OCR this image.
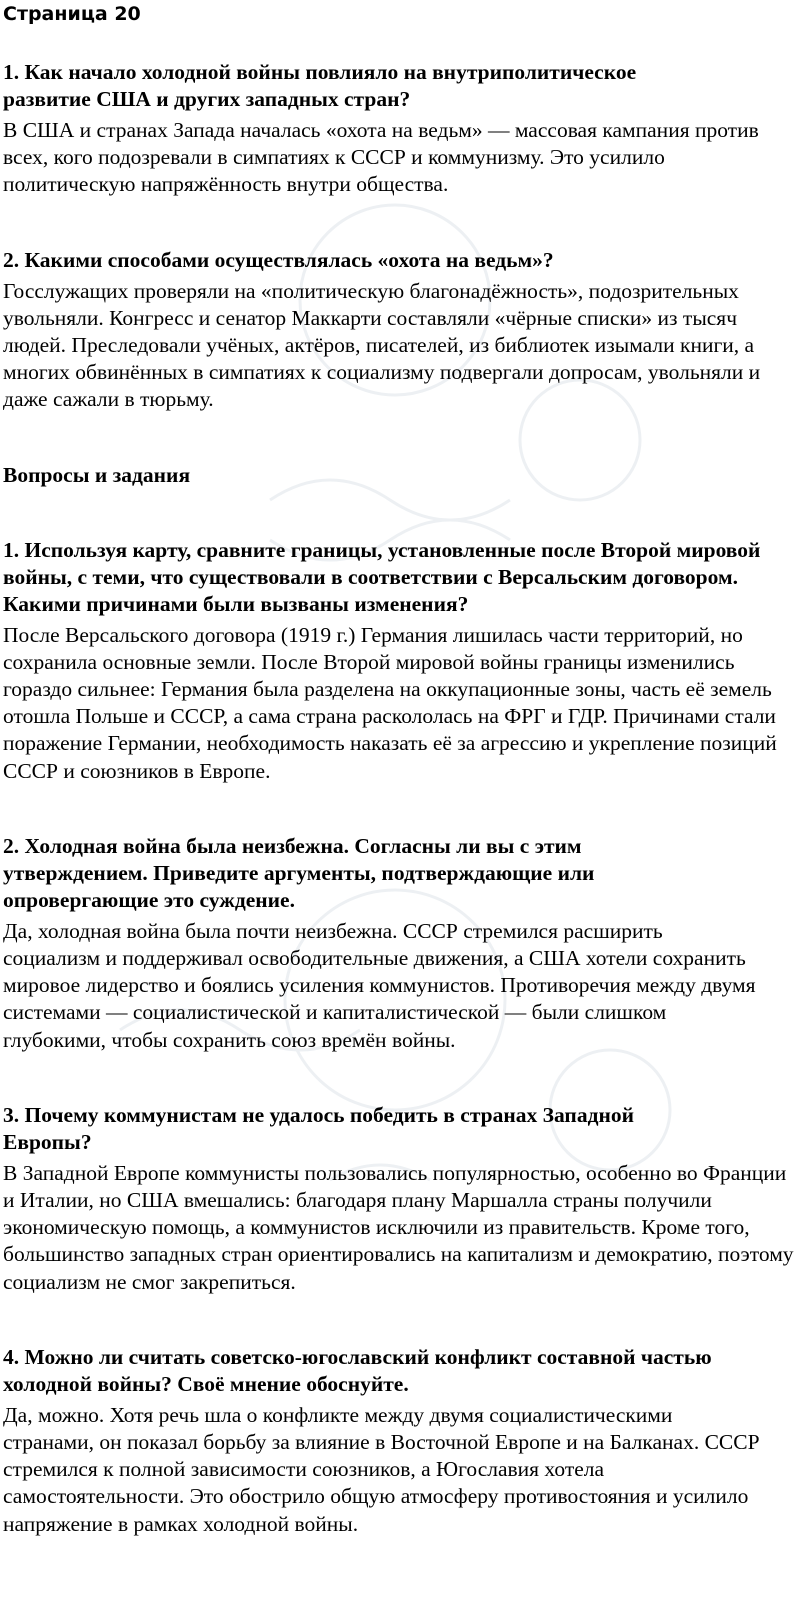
Страница 20
1. Как начало холодной войны повлияло на внутриполитическое развитие США и других западных стран?
В США и странах Запада началась «охота на ведьм» — массовая кампания против всех, кого подозревали в симпатиях к СССР и коммунизму. Это усилило политическую напряжённость внутри общества.
2. Какими способами осуществлялась «охота на ведьм»?
Госслужащих проверяли на «политическую благонадёжность», подозрительных увольняли. Конгресс и сенатор Маккарти составляли «чёрные списки» из тысяч людей. Преследовали учёных, актёров, писателей, из библиотек изымали книги, а многих обвинённых в симпатиях к социализму подвергали допросам, увольняли и даже сажали в тюрьму.
Вопросы и задания
1. Используя карту, сравните границы, установленные после Второй мировой войны, с теми, что существовали в соответствии с Версальским договором. Какими причинами были вызваны изменения?
После Версальского договора (1919 г.) Германия лишилась части территорий, но сохранила основные земли. После Второй мировой войны границы изменились гораздо сильнее: Германия была разделена на оккупационные зоны, часть её земель отошла Польше и СССР, а сама страна раскололась на ФРГ и ГДР. Причинами стали поражение Германии, необходимость наказать её за агрессию и укрепление позиций СССР и союзников в Европе.
2. Холодная война была неизбежна. Согласны ли вы с этим утверждением. Приведите аргументы, подтверждающие или опровергающие это суждение.
Да, холодная война была почти неизбежна. СССР стремился расширить социализм и поддерживал освободительные движения, а США хотели сохранить мировое лидерство и боялись усиления коммунистов. Противоречия между двумя системами — социалистической и капиталистической — были слишком глубокими, чтобы сохранить союз времён войны.
3. Почему коммунистам не удалось победить в странах Западной Европы?
В Западной Европе коммунисты пользовались популярностью, особенно во Франции и Италии, но США вмешались: благодаря плану Маршалла страны получили экономическую помощь, а коммунистов исключили из правительств. Кроме того, большинство западных стран ориентировались на капитализм и демократию, поэтому социализм не смог закрепиться.
4. Можно ли считать советско-югославский конфликт составной частью холодной войны? Своё мнение обоснуйте.
Да, можно. Хотя речь шла о конфликте между двумя социалистическими странами, он показал борьбу за влияние в Восточной Европе и на Балканах. СССР стремился к полной зависимости союзников, а Югославия хотела самостоятельности. Это обострило общую атмосферу противостояния и усилило напряжение в рамках холодной войны.
